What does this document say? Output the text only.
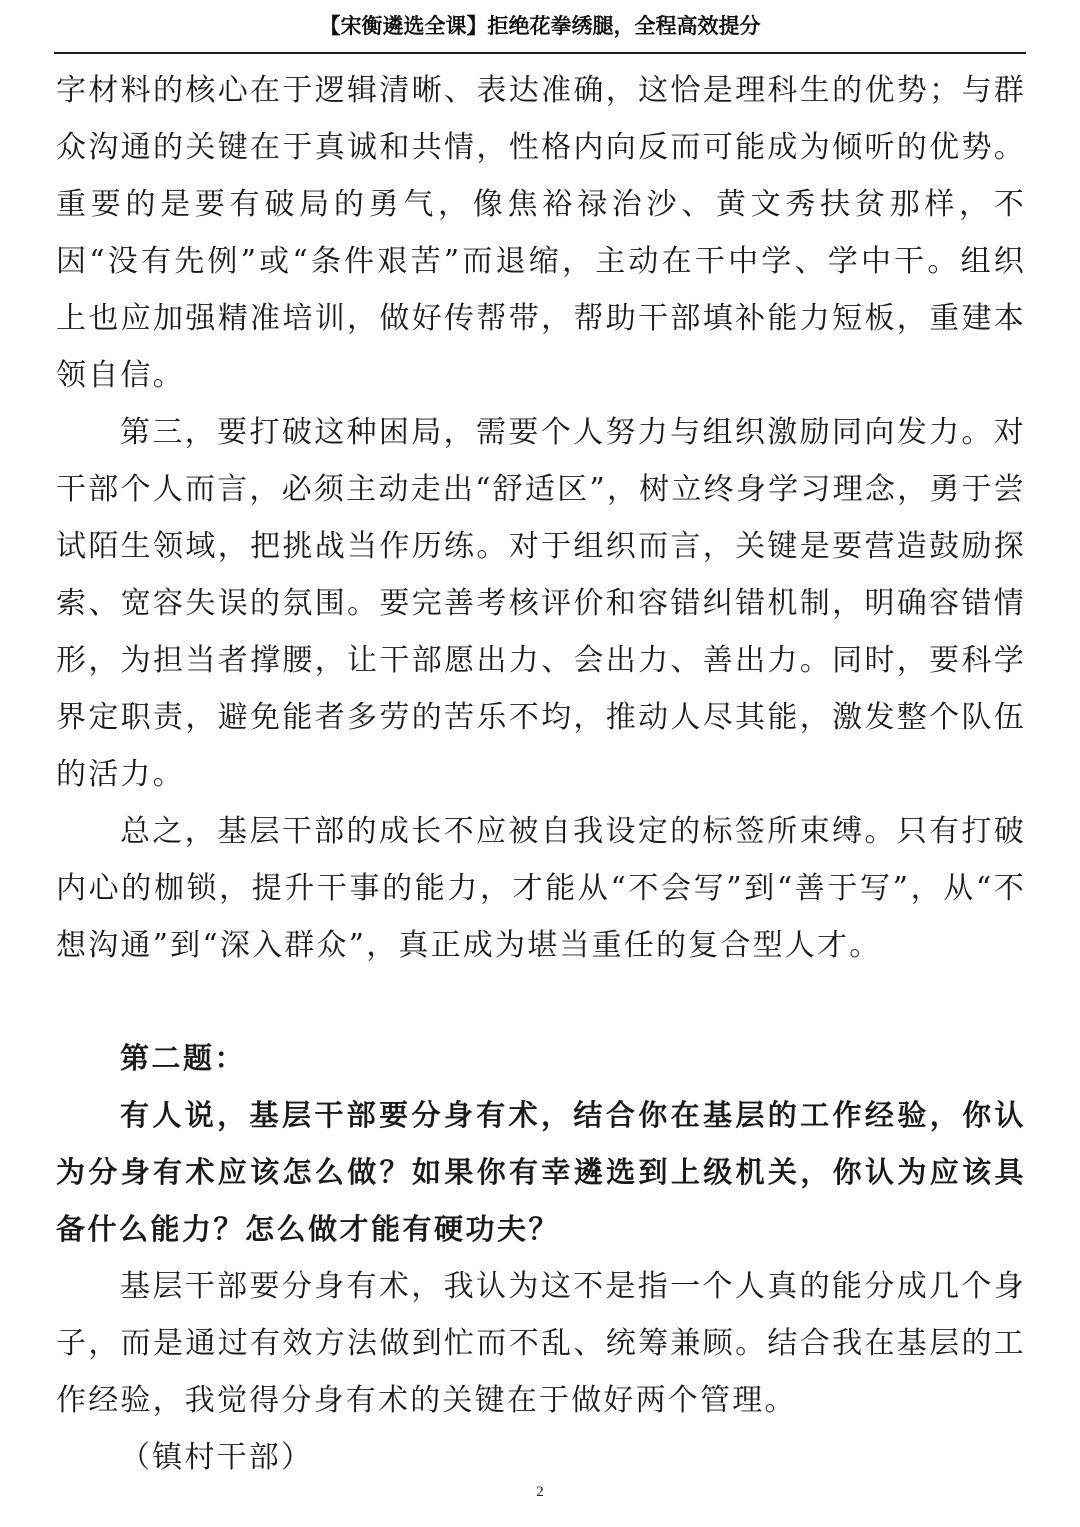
【宋衡遴选全课】拒绝花拳绣腿，全程高效提分

字材料的核心在于逻辑清晰、表达准确，这恰是理科生的优势；与群众沟通的关键在于真诚和共情，性格内向反而可能成为倾听的优势。重要的是要有破局的勇气，像焦裕禄治沙、黄文秀扶贫那样，不因“没有先例”或“条件艰苦”而退缩，主动在干中学、学中干。组织上也应加强精准培训，做好传帮带，帮助干部填补能力短板，重建本领自信。

第三，要打破这种困局，需要个人努力与组织激励同向发力。对干部个人而言，必须主动走出“舒适区”，树立终身学习理念，勇于尝试陌生领域，把挑战当作历练。对于组织而言，关键是要营造鼓励探索、宽容失误的氛围。要完善考核评价和容错纠错机制，明确容错情形，为担当者撑腰，让干部愿出力、会出力、善出力。同时，要科学界定职责，避免能者多劳的苦乐不均，推动人尽其能，激发整个队伍的活力。

总之，基层干部的成长不应被自我设定的标签所束缚。只有打破内心的枷锁，提升干事的能力，才能从“不会写”到“善于写”，从“不想沟通”到“深入群众”，真正成为堪当重任的复合型人才。

第二题：

有人说，基层干部要分身有术，结合你在基层的工作经验，你认为分身有术应该怎么做？如果你有幸遴选到上级机关，你认为应该具备什么能力？怎么做才能有硬功夫？

基层干部要分身有术，我认为这不是指一个人真的能分成几个身子，而是通过有效方法做到忙而不乱、统筹兼顾。结合我在基层的工作经验，我觉得分身有术的关键在于做好两个管理。

（镇村干部）

2
